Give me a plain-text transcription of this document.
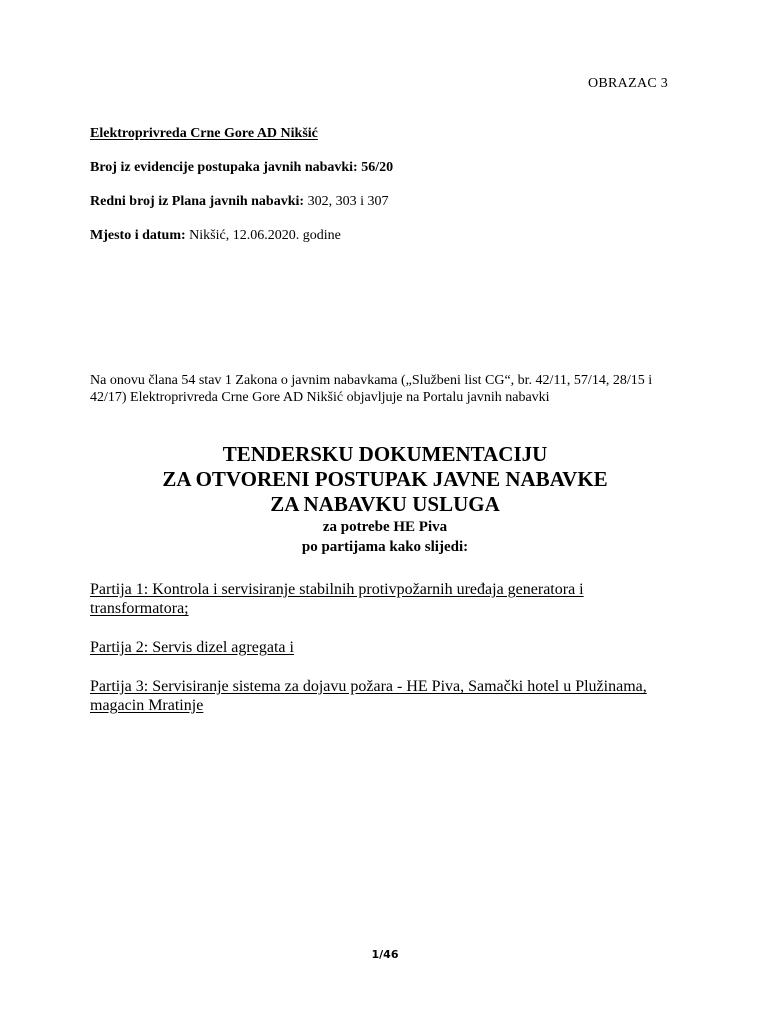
OBRAZAC 3
Elektroprivreda Crne Gore AD Nikšić
Broj iz evidencije postupaka javnih nabavki: 56/20
Redni broj iz Plana javnih nabavki: 302, 303 i 307
Mjesto i datum: Nikšić, 12.06.2020. godine
Na onovu člana 54 stav 1 Zakona o javnim nabavkama („Službeni list CG“, br. 42/11, 57/14, 28/15 i 42/17) Elektroprivreda Crne Gore AD Nikšić objavljuje na Portalu javnih nabavki
TENDERSKU DOKUMENTACIJU
ZA OTVORENI POSTUPAK JAVNE NABAVKE
ZA NABAVKU USLUGA
za potrebe HE Piva
po partijama kako slijedi:
Partija 1: Kontrola i servisiranje stabilnih protivpožarnih uređaja generatora i transformatora;
Partija 2: Servis dizel agregata i
Partija 3: Servisiranje sistema za dojavu požara - HE Piva, Samački hotel u Plužinama, magacin Mratinje
1/46
